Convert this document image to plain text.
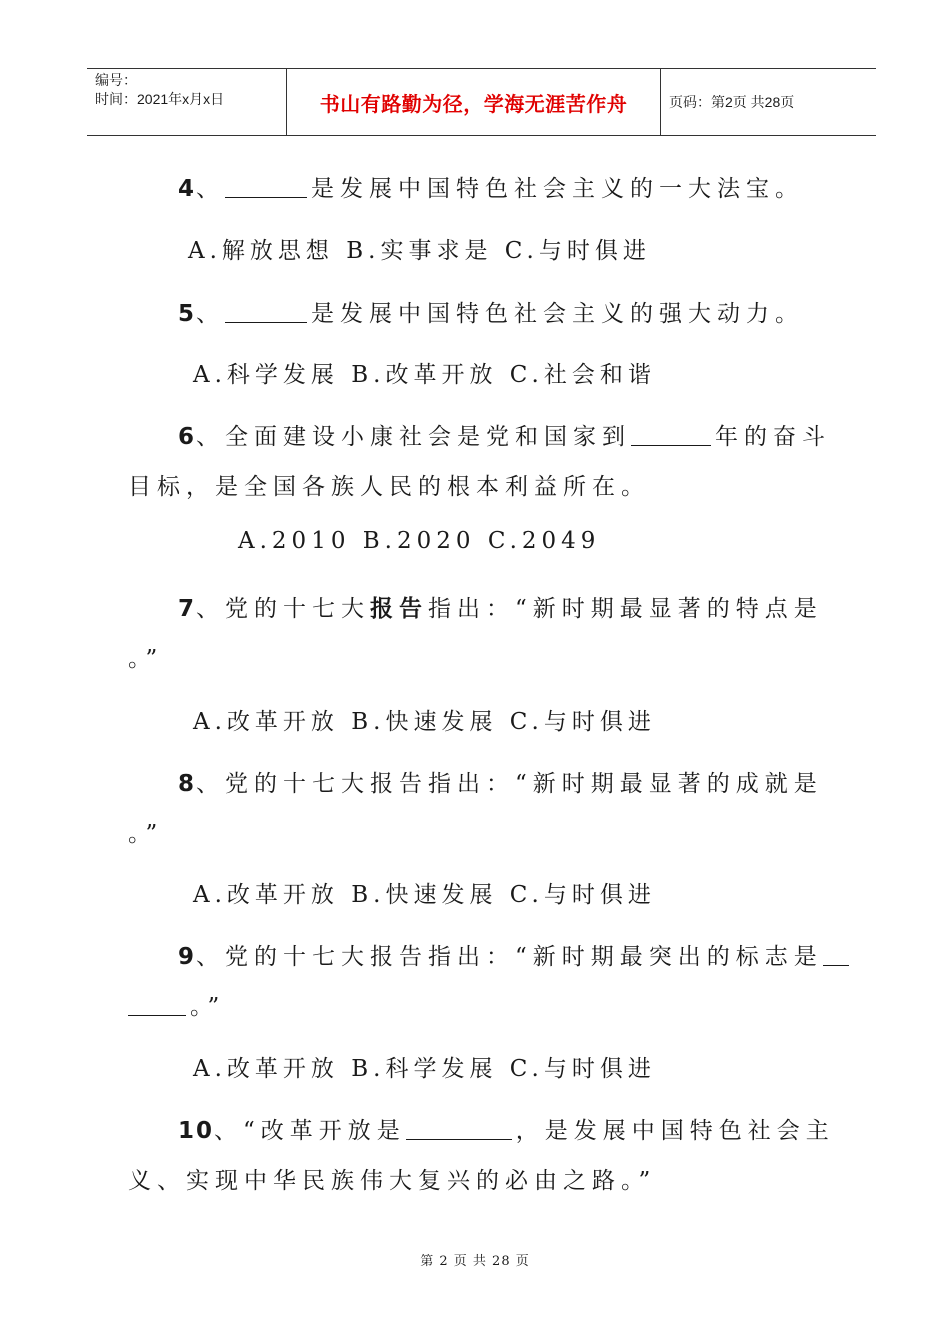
编号：
时间：2021年x月x日	书山有路勤为径，学海无涯苦作舟	页码：第2页 共28页
4、	是发展中国特色社会主义的一大法宝。
A.解放思想 B.实事求是 C.与时俱进
5、	是发展中国特色社会主义的强大动力。
A.科学发展 B.改革开放 C.社会和谐
6、全面建设小康社会是党和国家到	年的奋斗
目标，是全国各族人民的根本利益所在。
A.2010 B.2020 C.2049
7、党的十七大报告指出：“新时期最显著的特点是
。”
A.改革开放 B.快速发展 C.与时俱进
8、党的十七大报告指出：“新时期最显著的成就是
。”
A.改革开放 B.快速发展 C.与时俱进
9、党的十七大报告指出：“新时期最突出的标志是
。”
A.改革开放 B.科学发展 C.与时俱进
10、“改革开放是	，是发展中国特色社会主
义、实现中华民族伟大复兴的必由之路。”
第 2 页 共 28 页
